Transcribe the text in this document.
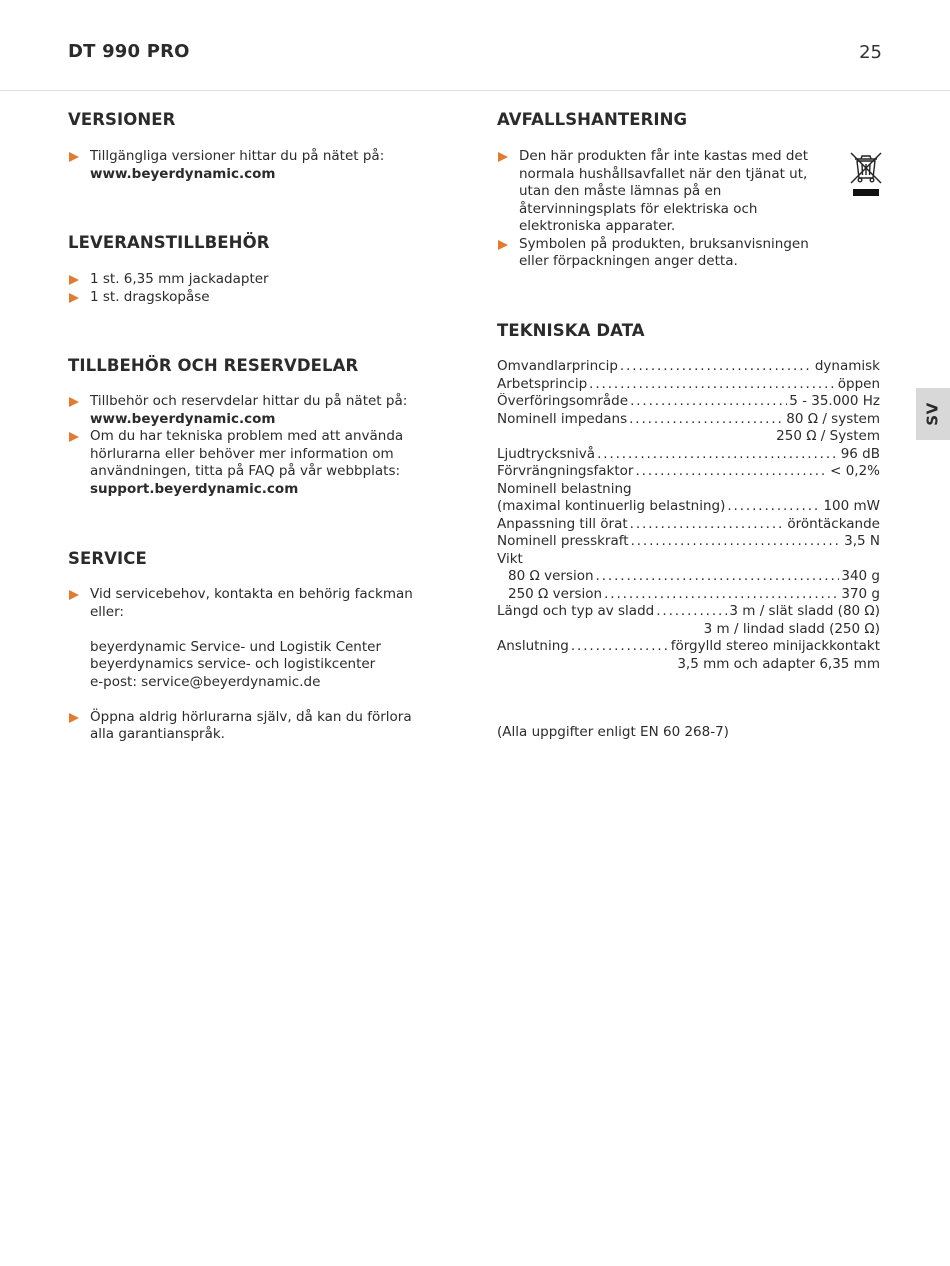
DT 990 PRO	25
VERSIONER
Tillgängliga versioner hittar du på nätet på:
www.beyerdynamic.com
LEVERANSTILLBEHÖR
1 st. 6,35 mm jackadapter
1 st. dragskopåse
TILLBEHÖR OCH RESERVDELAR
Tillbehör och reservdelar hittar du på nätet på:
www.beyerdynamic.com
Om du har tekniska problem med att använda hörlurarna eller behöver mer information om användningen, titta på FAQ på vår webbplats:
support.beyerdynamic.com
SERVICE
Vid servicebehov, kontakta en behörig fackman eller:
beyerdynamic Service- und Logistik Center
beyerdynamics service- och logistikcenter
e-post: service@beyerdynamic.de
Öppna aldrig hörlurarna själv, då kan du förlora alla garantianspråk.
AVFALLSHANTERING
Den här produkten får inte kastas med det normala hushållsavfallet när den tjänat ut, utan den måste lämnas på en återvinningsplats för elektriska och elektroniska apparater.
Symbolen på produkten, bruksanvisningen eller förpackningen anger detta.
TEKNISKA DATA
Omvandlarprincip . . .	dynamisk
Arbetsprincip . . .	öppen
Överföringsområde . . .	5 - 35.000 Hz
Nominell impedans . . .	80 Ω / system
250 Ω / System
Ljudtrycksnivå . . .	96 dB
Förvrängningsfaktor . . .	< 0,2%
Nominell belastning
(maximal kontinuerlig belastning) . . .	100 mW
Anpassning till örat . . .	öröntäckande
Nominell presskraft . . .	3,5 N
Vikt
80 Ω version . . .	340 g
250 Ω version . . .	370 g
Längd och typ av sladd . . .	3 m / slät sladd (80 Ω)
3 m / lindad sladd (250 Ω)
Anslutning . . .	förgylld stereo minijackkontakt
3,5 mm och adapter 6,35 mm
(Alla uppgifter enligt EN 60 268-7)
SV
